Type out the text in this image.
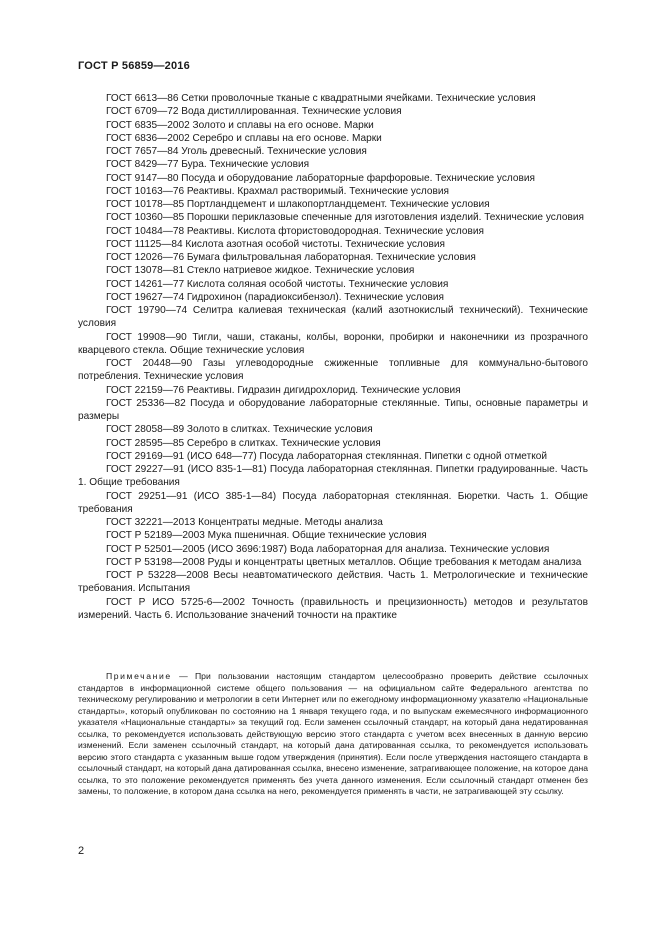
ГОСТ Р 56859—2016
ГОСТ 6613—86 Сетки проволочные тканые с квадратными ячейками. Технические условия
ГОСТ 6709—72 Вода дистиллированная. Технические условия
ГОСТ 6835—2002 Золото и сплавы на его основе. Марки
ГОСТ 6836—2002 Серебро и сплавы на его основе. Марки
ГОСТ 7657—84 Уголь древесный. Технические условия
ГОСТ 8429—77 Бура. Технические условия
ГОСТ 9147—80 Посуда и оборудование лабораторные фарфоровые. Технические условия
ГОСТ 10163—76 Реактивы. Крахмал растворимый. Технические условия
ГОСТ 10178—85 Портландцемент и шлакопортландцемент. Технические условия
ГОСТ 10360—85 Порошки периклазовые спеченные для изготовления изделий. Технические условия
ГОСТ 10484—78 Реактивы. Кислота фтористоводородная. Технические условия
ГОСТ 11125—84 Кислота азотная особой чистоты. Технические условия
ГОСТ 12026—76 Бумага фильтровальная лабораторная. Технические условия
ГОСТ 13078—81 Стекло натриевое жидкое. Технические условия
ГОСТ 14261—77 Кислота соляная особой чистоты. Технические условия
ГОСТ 19627—74 Гидрохинон (парадиоксибензол). Технические условия
ГОСТ 19790—74 Селитра калиевая техническая (калий азотнокислый технический). Технические условия
ГОСТ 19908—90 Тигли, чаши, стаканы, колбы, воронки, пробирки и наконечники из прозрачного кварцевого стекла. Общие технические условия
ГОСТ 20448—90 Газы углеводородные сжиженные топливные для коммунально-бытового потребления. Технические условия
ГОСТ 22159—76 Реактивы. Гидразин дигидрохлорид. Технические условия
ГОСТ 25336—82 Посуда и оборудование лабораторные стеклянные. Типы, основные параметры и размеры
ГОСТ 28058—89 Золото в слитках. Технические условия
ГОСТ 28595—85 Серебро в слитках. Технические условия
ГОСТ 29169—91 (ИСО 648—77) Посуда лабораторная стеклянная. Пипетки с одной отметкой
ГОСТ 29227—91 (ИСО 835-1—81) Посуда лабораторная стеклянная. Пипетки градуированные. Часть 1. Общие требования
ГОСТ 29251—91 (ИСО 385-1—84) Посуда лабораторная стеклянная. Бюретки. Часть 1. Общие требования
ГОСТ 32221—2013 Концентраты медные. Методы анализа
ГОСТ Р 52189—2003 Мука пшеничная. Общие технические условия
ГОСТ Р 52501—2005 (ИСО 3696:1987) Вода лабораторная для анализа. Технические условия
ГОСТ Р 53198—2008 Руды и концентраты цветных металлов. Общие требования к методам анализа
ГОСТ Р 53228—2008 Весы неавтоматического действия. Часть 1. Метрологические и технические требования. Испытания
ГОСТ Р ИСО 5725-6—2002 Точность (правильность и прецизионность) методов и результатов измерений. Часть 6. Использование значений точности на практике
Примечание — При пользовании настоящим стандартом целесообразно проверить действие ссылочных стандартов в информационной системе общего пользования — на официальном сайте Федерального агентства по техническому регулированию и метрологии в сети Интернет или по ежегодному информационному указателю «Национальные стандарты», который опубликован по состоянию на 1 января текущего года, и по выпускам ежемесячного информационного указателя «Национальные стандарты» за текущий год. Если заменен ссылочный стандарт, на который дана недатированная ссылка, то рекомендуется использовать действующую версию этого стандарта с учетом всех внесенных в данную версию изменений. Если заменен ссылочный стандарт, на который дана датированная ссылка, то рекомендуется использовать версию этого стандарта с указанным выше годом утверждения (принятия). Если после утверждения настоящего стандарта в ссылочный стандарт, на который дана датированная ссылка, внесено изменение, затрагивающее положение, на которое дана ссылка, то это положение рекомендуется применять без учета данного изменения. Если ссылочный стандарт отменен без замены, то положение, в котором дана ссылка на него, рекомендуется применять в части, не затрагивающей эту ссылку.
2
